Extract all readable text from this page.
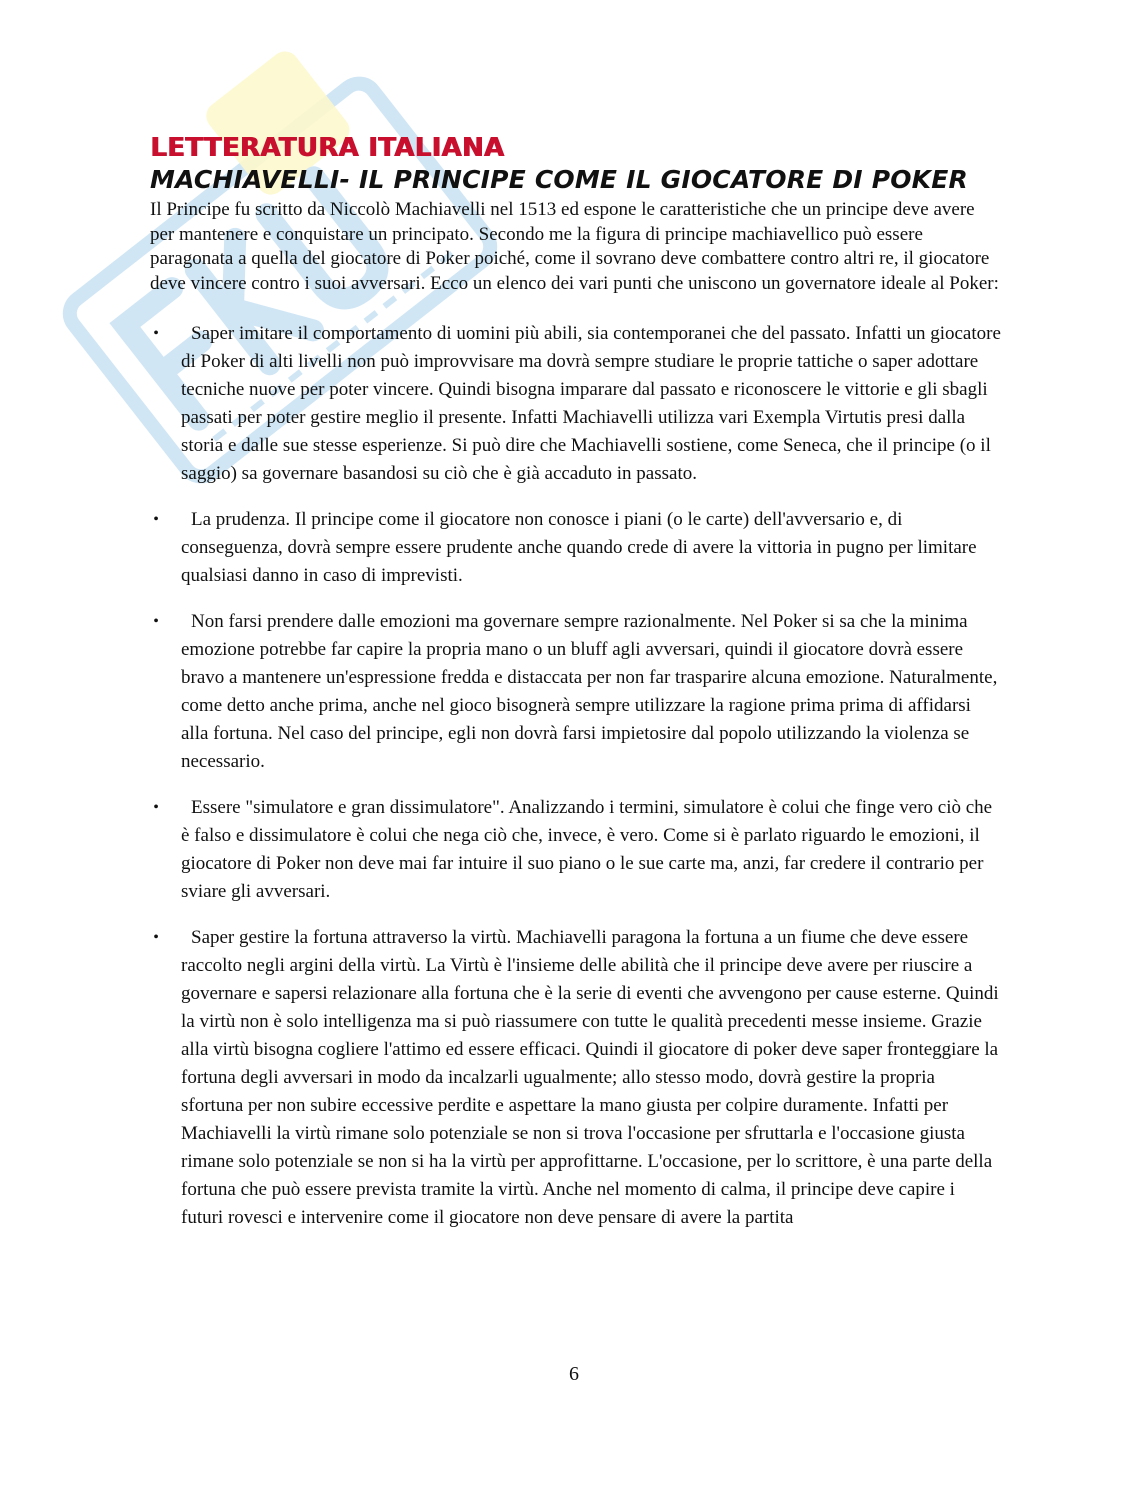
LETTERATURA ITALIANA
MACHIAVELLI- IL PRINCIPE COME IL GIOCATORE DI POKER

Il Principe fu scritto da Niccolò Machiavelli nel 1513 ed espone le caratteristiche che un principe deve avere per mantenere e conquistare un principato. Secondo me la figura di principe machiavellico può essere paragonata a quella del giocatore di Poker poiché, come il sovrano deve combattere contro altri re, il giocatore deve vincere contro i suoi avversari. Ecco un elenco dei vari punti che uniscono un governatore ideale al Poker:

• Saper imitare il comportamento di uomini più abili, sia contemporanei che del passato. Infatti un giocatore di Poker di alti livelli non può improvvisare ma dovrà sempre studiare le proprie tattiche o saper adottare tecniche nuove per poter vincere. Quindi bisogna imparare dal passato e riconoscere le vittorie e gli sbagli passati per poter gestire meglio il presente. Infatti Machiavelli utilizza vari Exempla Virtutis presi dalla storia e dalle sue stesse esperienze. Si può dire che Machiavelli sostiene, come Seneca, che il principe (o il saggio) sa governare basandosi su ciò che è già accaduto in passato.
• La prudenza. Il principe come il giocatore non conosce i piani (o le carte) dell'avversario e, di conseguenza, dovrà sempre essere prudente anche quando crede di avere la vittoria in pugno per limitare qualsiasi danno in caso di imprevisti.
• Non farsi prendere dalle emozioni ma governare sempre razionalmente. Nel Poker si sa che la minima emozione potrebbe far capire la propria mano o un bluff agli avversari, quindi il giocatore dovrà essere bravo a mantenere un'espressione fredda e distaccata per non far trasparire alcuna emozione. Naturalmente, come detto anche prima, anche nel gioco bisognerà sempre utilizzare la ragione prima prima di affidarsi alla fortuna. Nel caso del principe, egli non dovrà farsi impietosire dal popolo utilizzando la violenza se necessario.
• Essere "simulatore e gran dissimulatore". Analizzando i termini, simulatore è colui che finge vero ciò che è falso e dissimulatore è colui che nega ciò che, invece, è vero. Come si è parlato riguardo le emozioni, il giocatore di Poker non deve mai far intuire il suo piano o le sue carte ma, anzi, far credere il contrario per sviare gli avversari.
• Saper gestire la fortuna attraverso la virtù. Machiavelli paragona la fortuna a un fiume che deve essere raccolto negli argini della virtù. La Virtù è l'insieme delle abilità che il principe deve avere per riuscire a governare e sapersi relazionare alla fortuna che è la serie di eventi che avvengono per cause esterne. Quindi la virtù non è solo intelligenza ma si può riassumere con tutte le qualità precedenti messe insieme. Grazie alla virtù bisogna cogliere l'attimo ed essere efficaci. Quindi il giocatore di poker deve saper fronteggiare la fortuna degli avversari in modo da incalzarli ugualmente; allo stesso modo, dovrà gestire la propria sfortuna per non subire eccessive perdite e aspettare la mano giusta per colpire duramente. Infatti per Machiavelli la virtù rimane solo potenziale se non si trova l'occasione per sfruttarla e l'occasione giusta rimane solo potenziale se non si ha la virtù per approfittarne. L'occasione, per lo scrittore, è una parte della fortuna che può essere prevista tramite la virtù. Anche nel momento di calma, il principe deve capire i futuri rovesci e intervenire come il giocatore non deve pensare di avere la partita
6
